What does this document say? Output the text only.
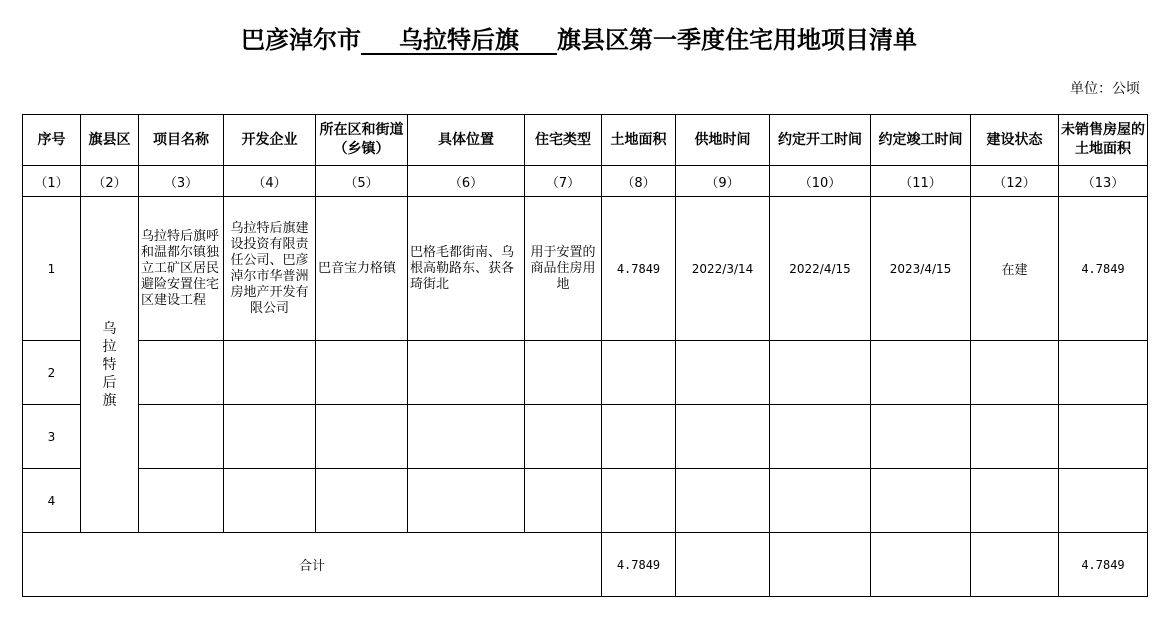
巴彦淖尔市 乌拉特后旗 旗县区第一季度住宅用地项目清单
单位：公顷
序号	旗县区	项目名称	开发企业	所在区和街道（乡镇）	具体位置	住宅类型	土地面积	供地时间	约定开工时间	约定竣工时间	建设状态	未销售房屋的土地面积
（1）	（2）	（3）	（4）	（5）	（6）	（7）	（8）	（9）	（10）	（11）	（12）	（13）
1	乌拉特后旗	乌拉特后旗呼和温都尔镇独立工矿区居民避险安置住宅区建设工程	乌拉特后旗建设投资有限责任公司、巴彦淖尔市华普洲房地产开发有限公司	巴音宝力格镇	巴格毛都街南、乌根高勒路东、获各琦街北	用于安置的商品住房用地	4.7849	2022/3/14	2022/4/15	2023/4/15	在建	4.7849
2												
3												
4												
合计							4.7849					4.7849
